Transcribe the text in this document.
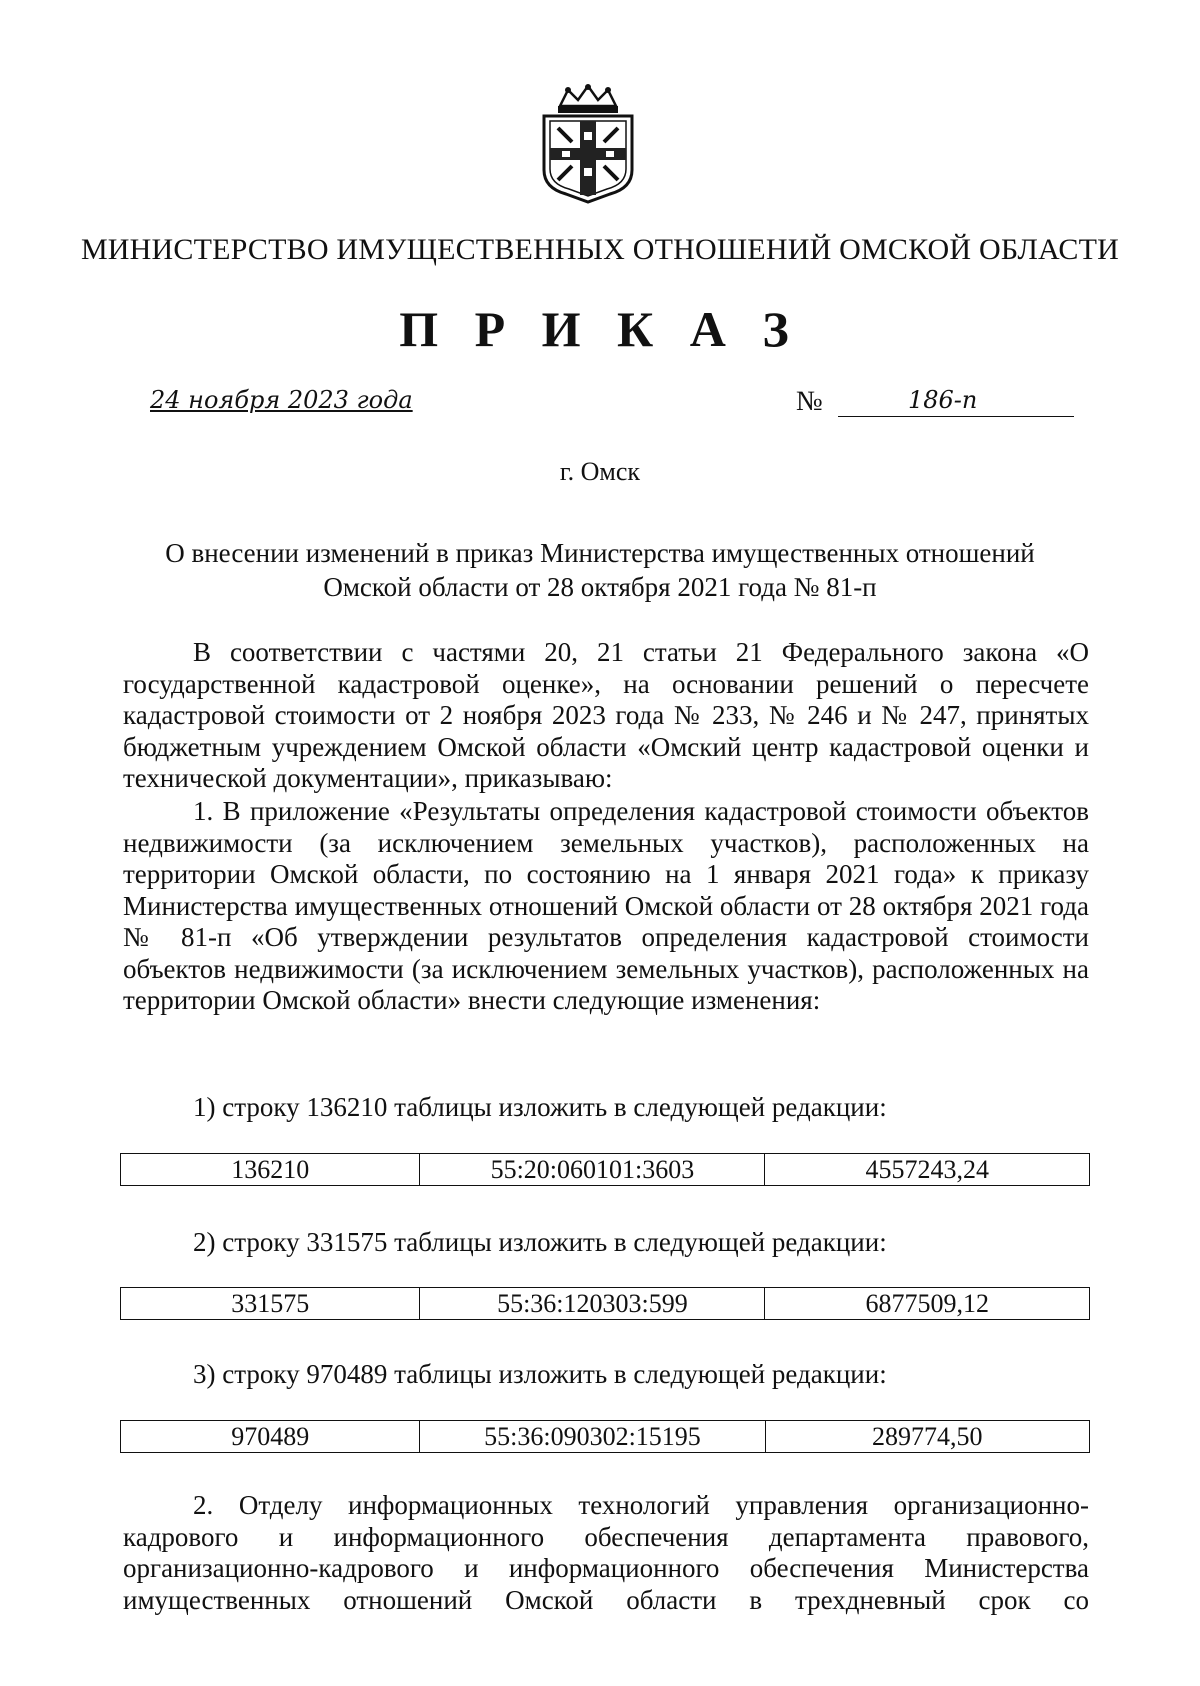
МИНИСТЕРСТВО ИМУЩЕСТВЕННЫХ ОТНОШЕНИЙ ОМСКОЙ ОБЛАСТИ
П Р И К А З
24 ноября 2023 года	№	186-п
г. Омск
О внесении изменений в приказ Министерства имущественных отношений Омской области от 28 октября 2021 года № 81-п
В соответствии с частями 20, 21 статьи 21 Федерального закона «О государственной кадастровой оценке», на основании решений о пересчете кадастровой стоимости от 2 ноября 2023 года № 233, № 246 и № 247, принятых бюджетным учреждением Омской области «Омский центр кадастровой оценки и технической документации», приказываю:
1. В приложение «Результаты определения кадастровой стоимости объектов недвижимости (за исключением земельных участков), расположенных на территории Омской области, по состоянию на 1 января 2021 года» к приказу Министерства имущественных отношений Омской области от 28 октября 2021 года № 81-п «Об утверждении результатов определения кадастровой стоимости объектов недвижимости (за исключением земельных участков), расположенных на территории Омской области» внести следующие изменения:
1) строку 136210 таблицы изложить в следующей редакции:
136210	55:20:060101:3603	4557243,24
2) строку 331575 таблицы изложить в следующей редакции:
331575	55:36:120303:599	6877509,12
3) строку 970489 таблицы изложить в следующей редакции:
970489	55:36:090302:15195	289774,50
2. Отделу информационных технологий управления организационно-кадрового и информационного обеспечения департамента правового, организационно-кадрового и информационного обеспечения Министерства имущественных отношений Омской области в трехдневный срок со
